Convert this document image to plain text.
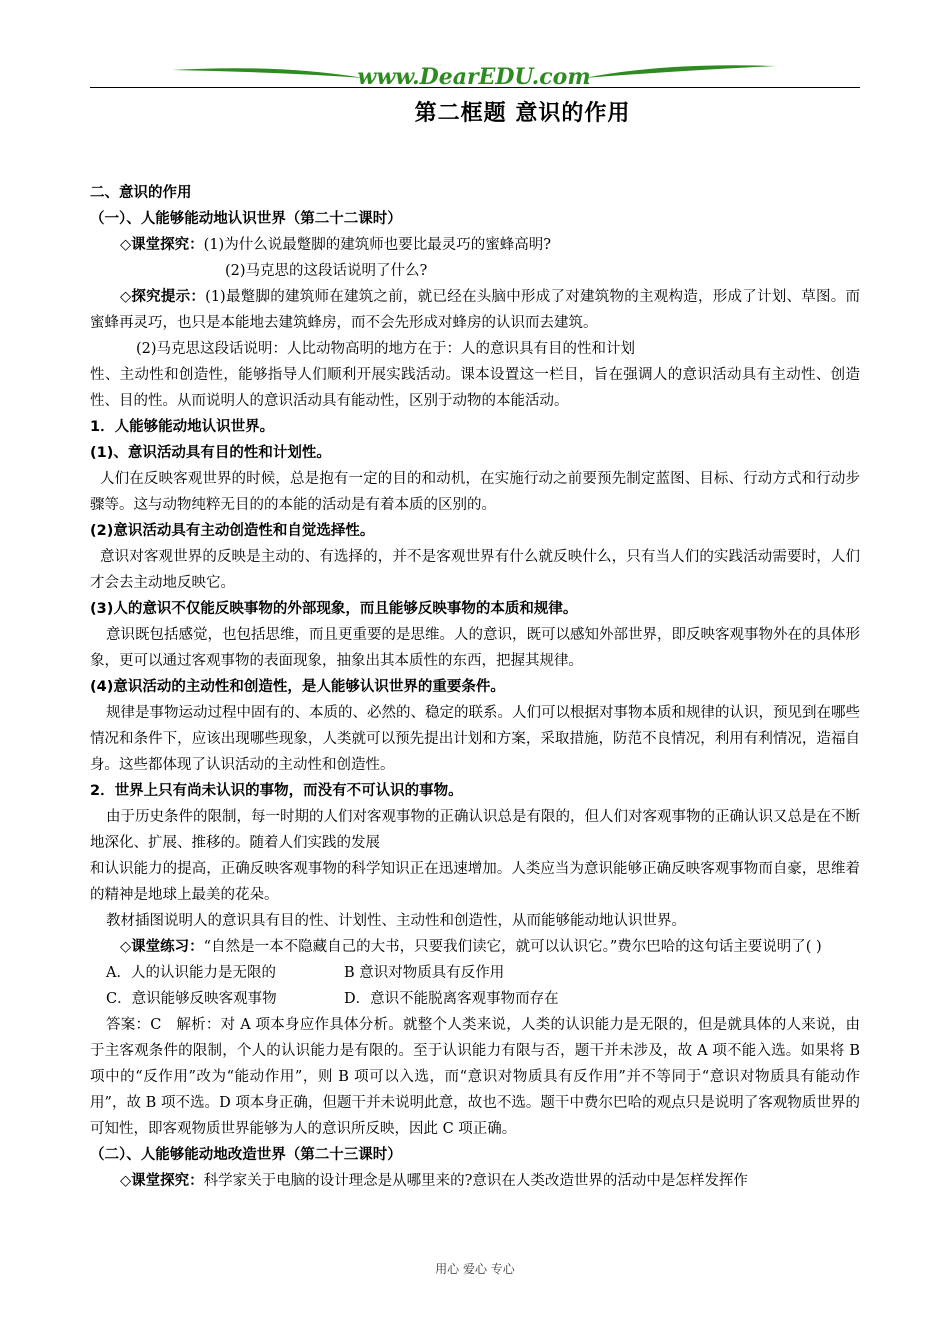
www.DearEDU.com
第二框题 意识的作用

二、意识的作用

（一）、人能够能动地认识世界（第二十二课时）

◇课堂探究：(1)为什么说最蹩脚的建筑师也要比最灵巧的蜜蜂高明?

(2)马克思的这段话说明了什么?

◇探究提示：(1)最蹩脚的建筑师在建筑之前，就已经在头脑中形成了对建筑物的主观构造，形成了计划、草图。而蜜蜂再灵巧，也只是本能地去建筑蜂房，而不会先形成对蜂房的认识而去建筑。

(2)马克思这段话说明：人比动物高明的地方在于：人的意识具有目的性和计划

性、主动性和创造性，能够指导人们顺利开展实践活动。课本设置这一栏目，旨在强调人的意识活动具有主动性、创造性、目的性。从而说明人的意识活动具有能动性，区别于动物的本能活动。

1．人能够能动地认识世界。

(1)、意识活动具有目的性和计划性。

人们在反映客观世界的时候，总是抱有一定的目的和动机，在实施行动之前要预先制定蓝图、目标、行动方式和行动步骤等。这与动物纯粹无目的的本能的活动是有着本质的区别的。

(2)意识活动具有主动创造性和自觉选择性。

意识对客观世界的反映是主动的、有选择的，并不是客观世界有什么就反映什么，只有当人们的实践活动需要时，人们才会去主动地反映它。

(3)人的意识不仅能反映事物的外部现象，而且能够反映事物的本质和规律。

意识既包括感觉，也包括思维，而且更重要的是思维。人的意识，既可以感知外部世界，即反映客观事物外在的具体形象，更可以通过客观事物的表面现象，抽象出其本质性的东西，把握其规律。

(4)意识活动的主动性和创造性，是人能够认识世界的重要条件。

规律是事物运动过程中固有的、本质的、必然的、稳定的联系。人们可以根据对事物本质和规律的认识，预见到在哪些情况和条件下，应该出现哪些现象，人类就可以预先提出计划和方案，采取措施，防范不良情况，利用有利情况，造福自身。这些都体现了认识活动的主动性和创造性。

2．世界上只有尚未认识的事物，而没有不可认识的事物。

由于历史条件的限制，每一时期的人们对客观事物的正确认识总是有限的，但人们对客观事物的正确认识又总是在不断地深化、扩展、推移的。随着人们实践的发展

和认识能力的提高，正确反映客观事物的科学知识正在迅速增加。人类应当为意识能够正确反映客观事物而自豪，思维着的精神是地球上最美的花朵。

教材插图说明人的意识具有目的性、计划性、主动性和创造性，从而能够能动地认识世界。

◇课堂练习：“自然是一本不隐藏自己的大书，只要我们读它，就可以认识它。”费尔巴哈的这句话主要说明了( )

A．人的认识能力是无限的	B 意识对物质具有反作用

C．意识能够反映客观事物	D．意识不能脱离客观事物而存在

答案：C　解析：对 A 项本身应作具体分析。就整个人类来说，人类的认识能力是无限的，但是就具体的人来说，由于主客观条件的限制，个人的认识能力是有限的。至于认识能力有限与否，题干并未涉及，故 A 项不能入选。如果将 B 项中的“反作用”改为“能动作用”，则 B 项可以入选，而“意识对物质具有反作用”并不等同于“意识对物质具有能动作用”，故 B 项不选。D 项本身正确，但题干并未说明此意，故也不选。题干中费尔巴哈的观点只是说明了客观物质世界的可知性，即客观物质世界能够为人的意识所反映，因此 C 项正确。

（二）、人能够能动地改造世界（第二十三课时）

◇课堂探究：科学家关于电脑的设计理念是从哪里来的?意识在人类改造世界的活动中是怎样发挥作

用心 爱心 专心
